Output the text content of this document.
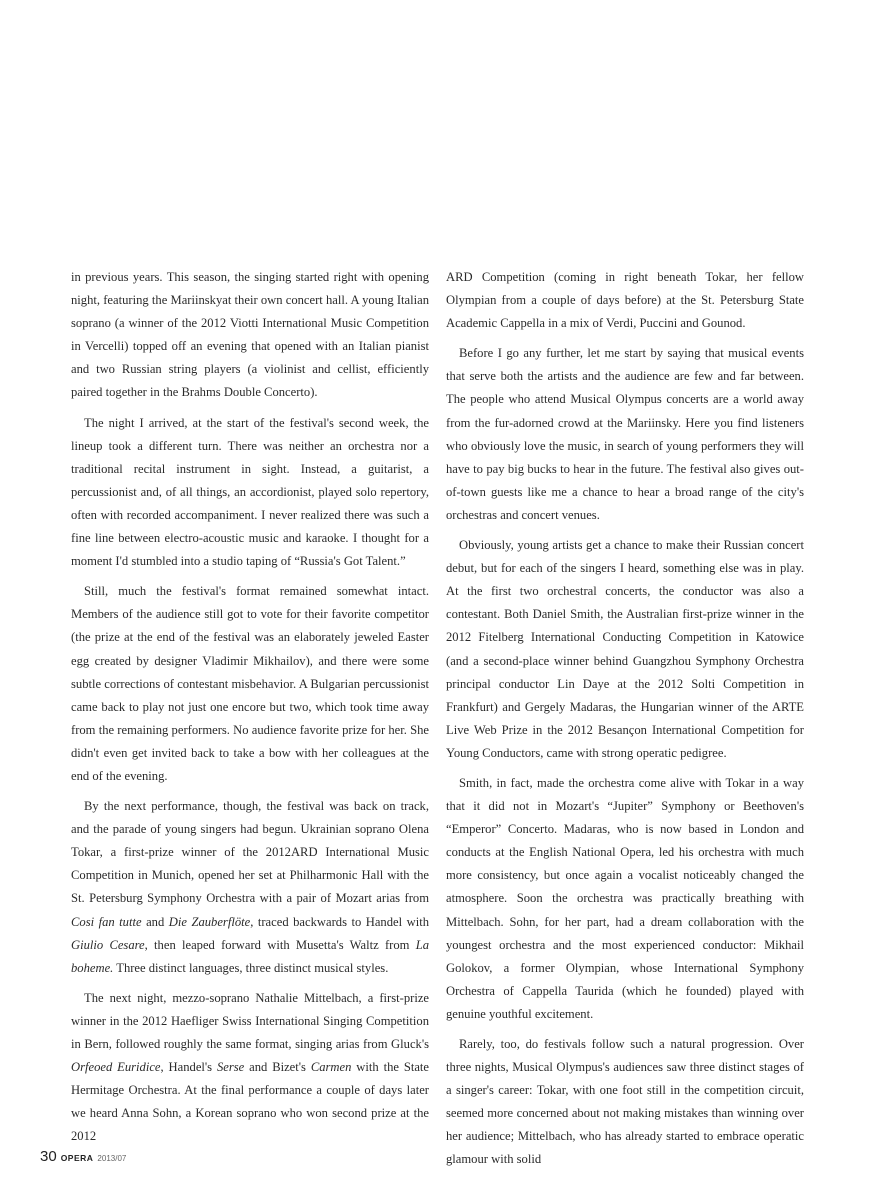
in previous years. This season, the singing started right with opening night, featuring the Mariinskyat their own concert hall. A young Italian soprano (a winner of the 2012 Viotti International Music Competition in Vercelli) topped off an evening that opened with an Italian pianist and two Russian string players (a violinist and cellist, efficiently paired together in the Brahms Double Concerto).

The night I arrived, at the start of the festival's second week, the lineup took a different turn. There was neither an orchestra nor a traditional recital instrument in sight. Instead, a guitarist, a percussionist and, of all things, an accordionist, played solo repertory, often with recorded accompaniment. I never realized there was such a fine line between electro-acoustic music and karaoke. I thought for a moment I'd stumbled into a studio taping of “Russia's Got Talent.”

Still, much the festival's format remained somewhat intact. Members of the audience still got to vote for their favorite competitor (the prize at the end of the festival was an elaborately jeweled Easter egg created by designer Vladimir Mikhailov), and there were some subtle corrections of contestant misbehavior. A Bulgarian percussionist came back to play not just one encore but two, which took time away from the remaining performers. No audience favorite prize for her. She didn't even get invited back to take a bow with her colleagues at the end of the evening.

By the next performance, though, the festival was back on track, and the parade of young singers had begun. Ukrainian soprano Olena Tokar, a first-prize winner of the 2012ARD International Music Competition in Munich, opened her set at Philharmonic Hall with the St. Petersburg Symphony Orchestra with a pair of Mozart arias from Cosi fan tutte and Die Zauberflöte, traced backwards to Handel with Giulio Cesare, then leaped forward with Musetta's Waltz from La boheme. Three distinct languages, three distinct musical styles.

The next night, mezzo-soprano Nathalie Mittelbach, a first-prize winner in the 2012 Haefliger Swiss International Singing Competition in Bern, followed roughly the same format, singing arias from Gluck's Orfeoed Euridice, Handel's Serse and Bizet's Carmen with the State Hermitage Orchestra. At the final performance a couple of days later we heard Anna Sohn, a Korean soprano who won second prize at the 2012

ARD Competition (coming in right beneath Tokar, her fellow Olympian from a couple of days before) at the St. Petersburg State Academic Cappella in a mix of Verdi, Puccini and Gounod.

Before I go any further, let me start by saying that musical events that serve both the artists and the audience are few and far between. The people who attend Musical Olympus concerts are a world away from the fur-adorned crowd at the Mariinsky. Here you find listeners who obviously love the music, in search of young performers they will have to pay big bucks to hear in the future. The festival also gives out-of-town guests like me a chance to hear a broad range of the city's orchestras and concert venues.

Obviously, young artists get a chance to make their Russian concert debut, but for each of the singers I heard, something else was in play. At the first two orchestral concerts, the conductor was also a contestant. Both Daniel Smith, the Australian first-prize winner in the 2012 Fitelberg International Conducting Competition in Katowice (and a second-place winner behind Guangzhou Symphony Orchestra principal conductor Lin Daye at the 2012 Solti Competition in Frankfurt) and Gergely Madaras, the Hungarian winner of the ARTE Live Web Prize in the 2012 Besançon International Competition for Young Conductors, came with strong operatic pedigree.

Smith, in fact, made the orchestra come alive with Tokar in a way that it did not in Mozart's “Jupiter” Symphony or Beethoven's “Emperor” Concerto. Madaras, who is now based in London and conducts at the English National Opera, led his orchestra with much more consistency, but once again a vocalist noticeably changed the atmosphere. Soon the orchestra was practically breathing with Mittelbach. Sohn, for her part, had a dream collaboration with the youngest orchestra and the most experienced conductor: Mikhail Golokov, a former Olympian, whose International Symphony Orchestra of Cappella Taurida (which he founded) played with genuine youthful excitement.

Rarely, too, do festivals follow such a natural progression. Over three nights, Musical Olympus's audiences saw three distinct stages of a singer's career: Tokar, with one foot still in the competition circuit, seemed more concerned about not making mistakes than winning over her audience; Mittelbach, who has already started to embrace operatic glamour with solid

30 OPERA 2013/07
